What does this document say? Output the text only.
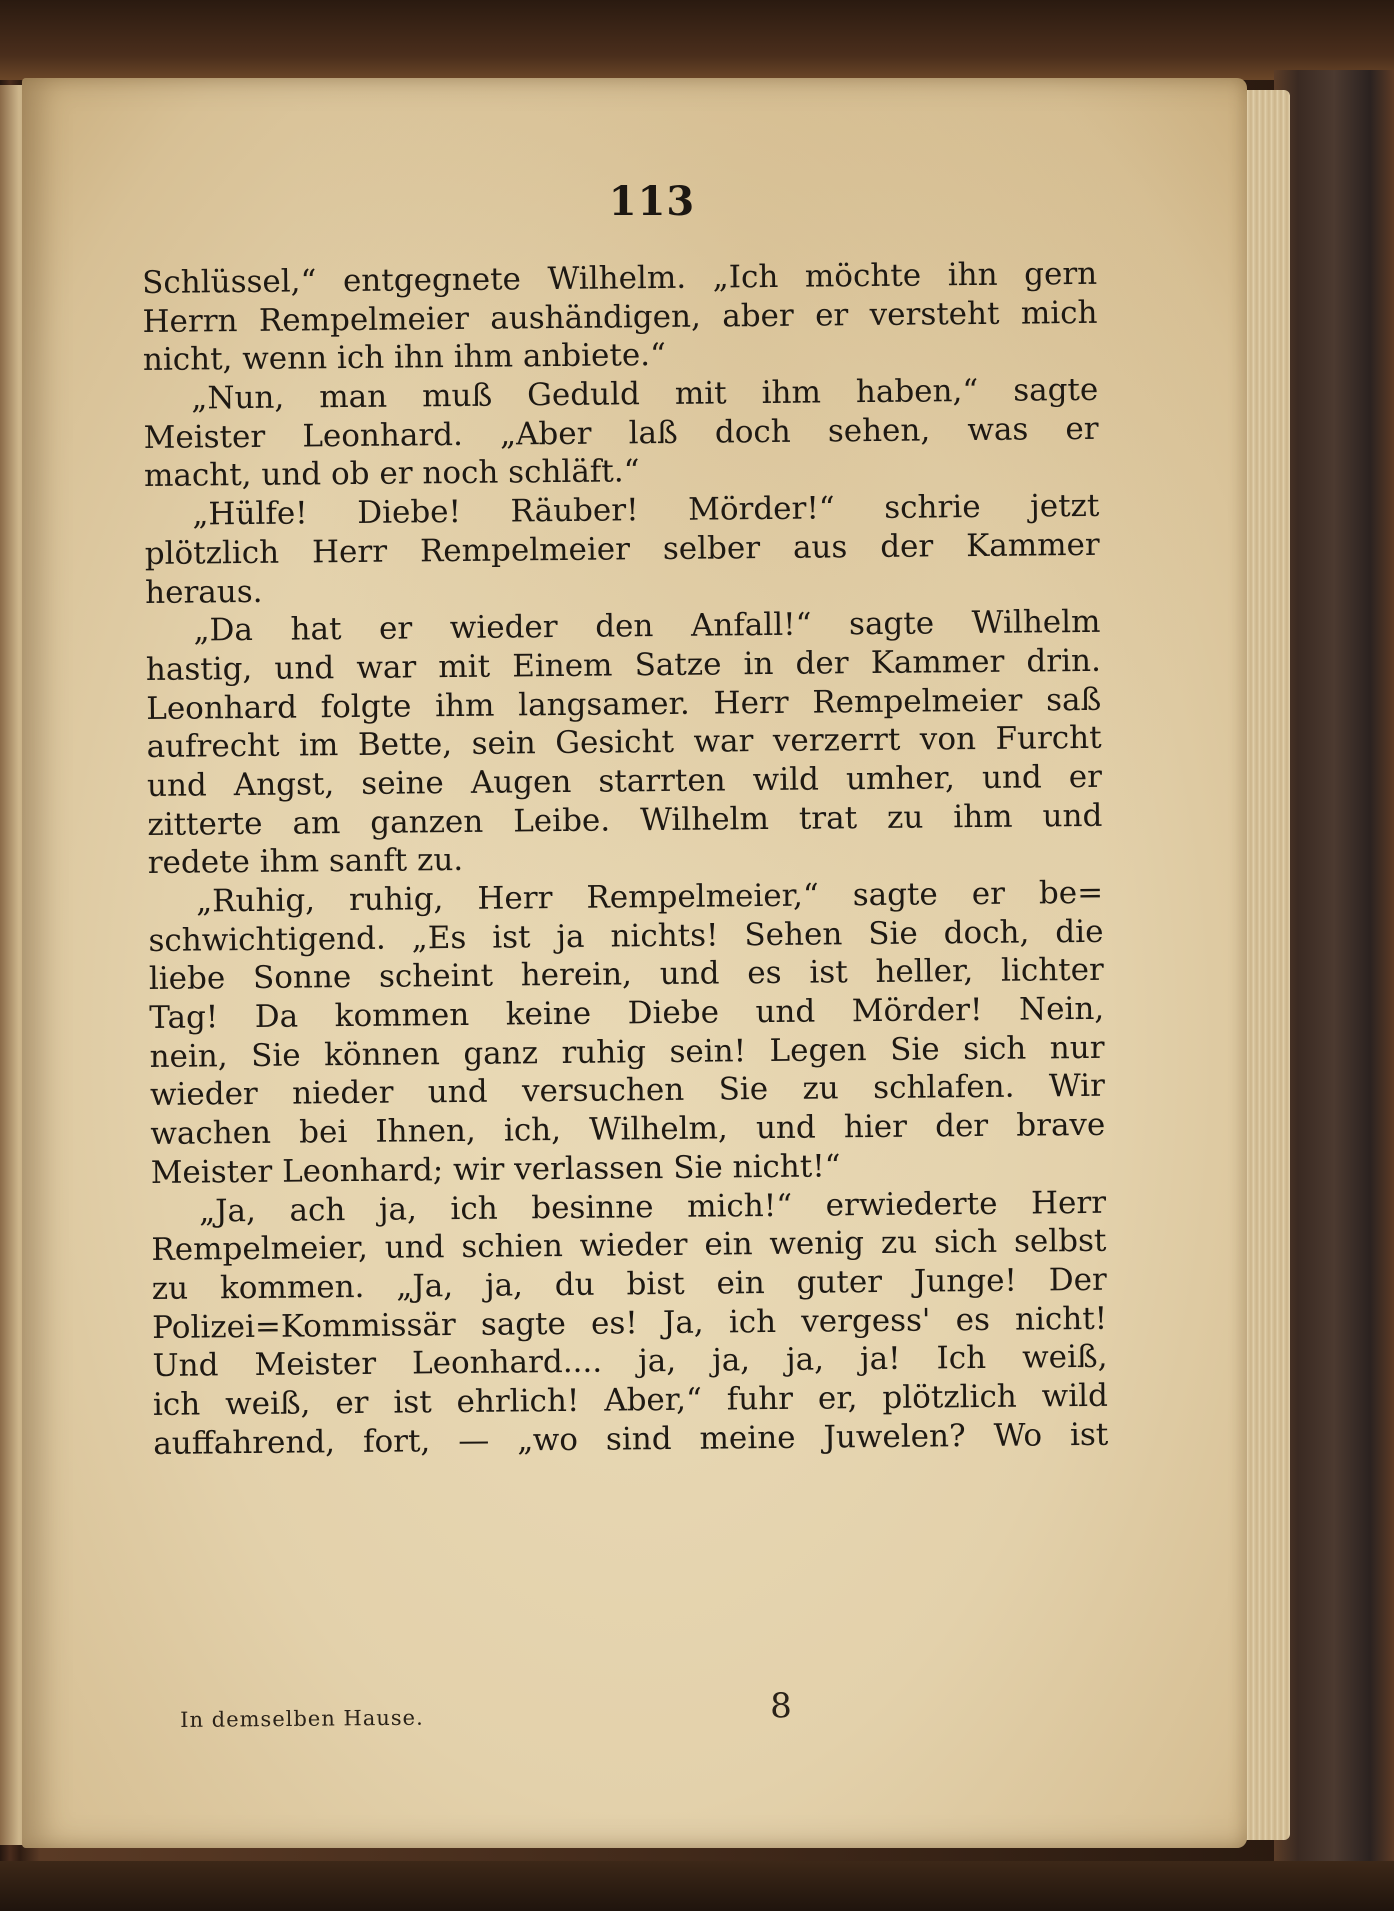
113
Schlüssel,“ entgegnete Wilhelm. „Ich möchte ihn gern
Herrn Rempelmeier aushändigen, aber er versteht mich
nicht, wenn ich ihn ihm anbiete.“
„Nun, man muß Geduld mit ihm haben,“ sagte
Meister Leonhard. „Aber laß doch sehen, was er
macht, und ob er noch schläft.“
„Hülfe! Diebe! Räuber! Mörder!“ schrie jetzt
plötzlich Herr Rempelmeier selber aus der Kammer
heraus.
„Da hat er wieder den Anfall!“ sagte Wilhelm
hastig, und war mit Einem Satze in der Kammer drin.
Leonhard folgte ihm langsamer. Herr Rempelmeier saß
aufrecht im Bette, sein Gesicht war verzerrt von Furcht
und Angst, seine Augen starrten wild umher, und er
zitterte am ganzen Leibe. Wilhelm trat zu ihm und
redete ihm sanft zu.
„Ruhig, ruhig, Herr Rempelmeier,“ sagte er be=
schwichtigend. „Es ist ja nichts! Sehen Sie doch, die
liebe Sonne scheint herein, und es ist heller, lichter
Tag! Da kommen keine Diebe und Mörder! Nein,
nein, Sie können ganz ruhig sein! Legen Sie sich nur
wieder nieder und versuchen Sie zu schlafen. Wir
wachen bei Ihnen, ich, Wilhelm, und hier der brave
Meister Leonhard; wir verlassen Sie nicht!“
„Ja, ach ja, ich besinne mich!“ erwiederte Herr
Rempelmeier, und schien wieder ein wenig zu sich selbst
zu kommen. „Ja, ja, du bist ein guter Junge! Der
Polizei=Kommissär sagte es! Ja, ich vergess' es nicht!
Und Meister Leonhard.... ja, ja, ja, ja! Ich weiß,
ich weiß, er ist ehrlich! Aber,“ fuhr er, plötzlich wild
auffahrend, fort, — „wo sind meine Juwelen? Wo ist
In demselben Hause.	8
